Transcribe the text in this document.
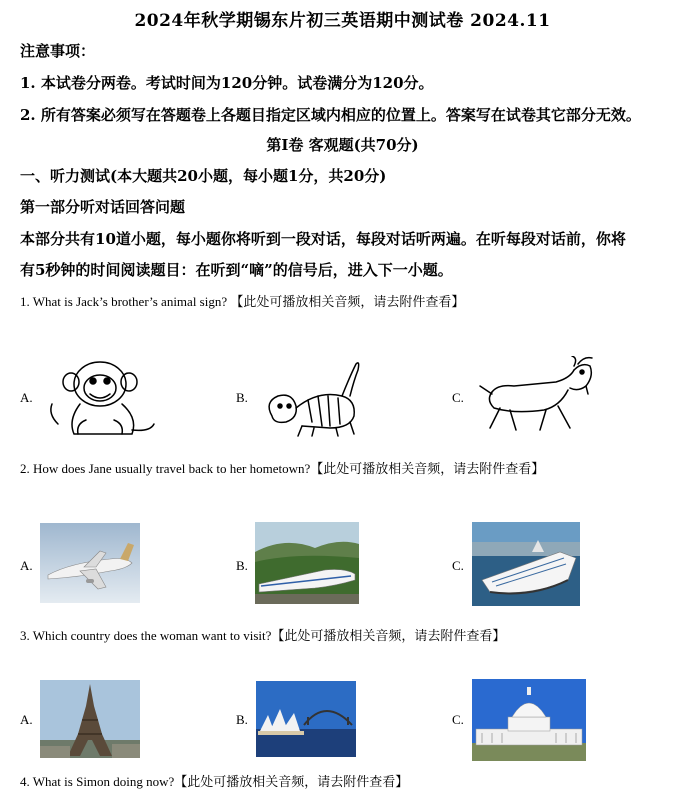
2024年秋学期锡东片初三英语期中测试卷 2024.11
注意事项：
1. 本试卷分两卷。考试时间为120分钟。试卷满分为120分。
2. 所有答案必须写在答题卷上各题目指定区域内相应的位置上。答案写在试卷其它部分无效。
第I卷 客观题(共70分)
一、听力测试(本大题共20小题，每小题1分，共20分)
第一部分听对话回答问题
本部分共有10道小题，每小题你将听到一段对话，每段对话听两遍。在听每段对话前，你将
有5秒钟的时间阅读题目：在听到“嘀”的信号后，进入下一小题。
1. What is Jack’s brother’s animal sign? 【此处可播放相关音频，请去附件查看】
A.	B.	C.
2. How does Jane usually travel back to her hometown?【此处可播放相关音频，请去附件查看】
A.	B.	C.
3. Which country does the woman want to visit?【此处可播放相关音频，请去附件查看】
A.	B.	C.
4. What is Simon doing now?【此处可播放相关音频，请去附件查看】
